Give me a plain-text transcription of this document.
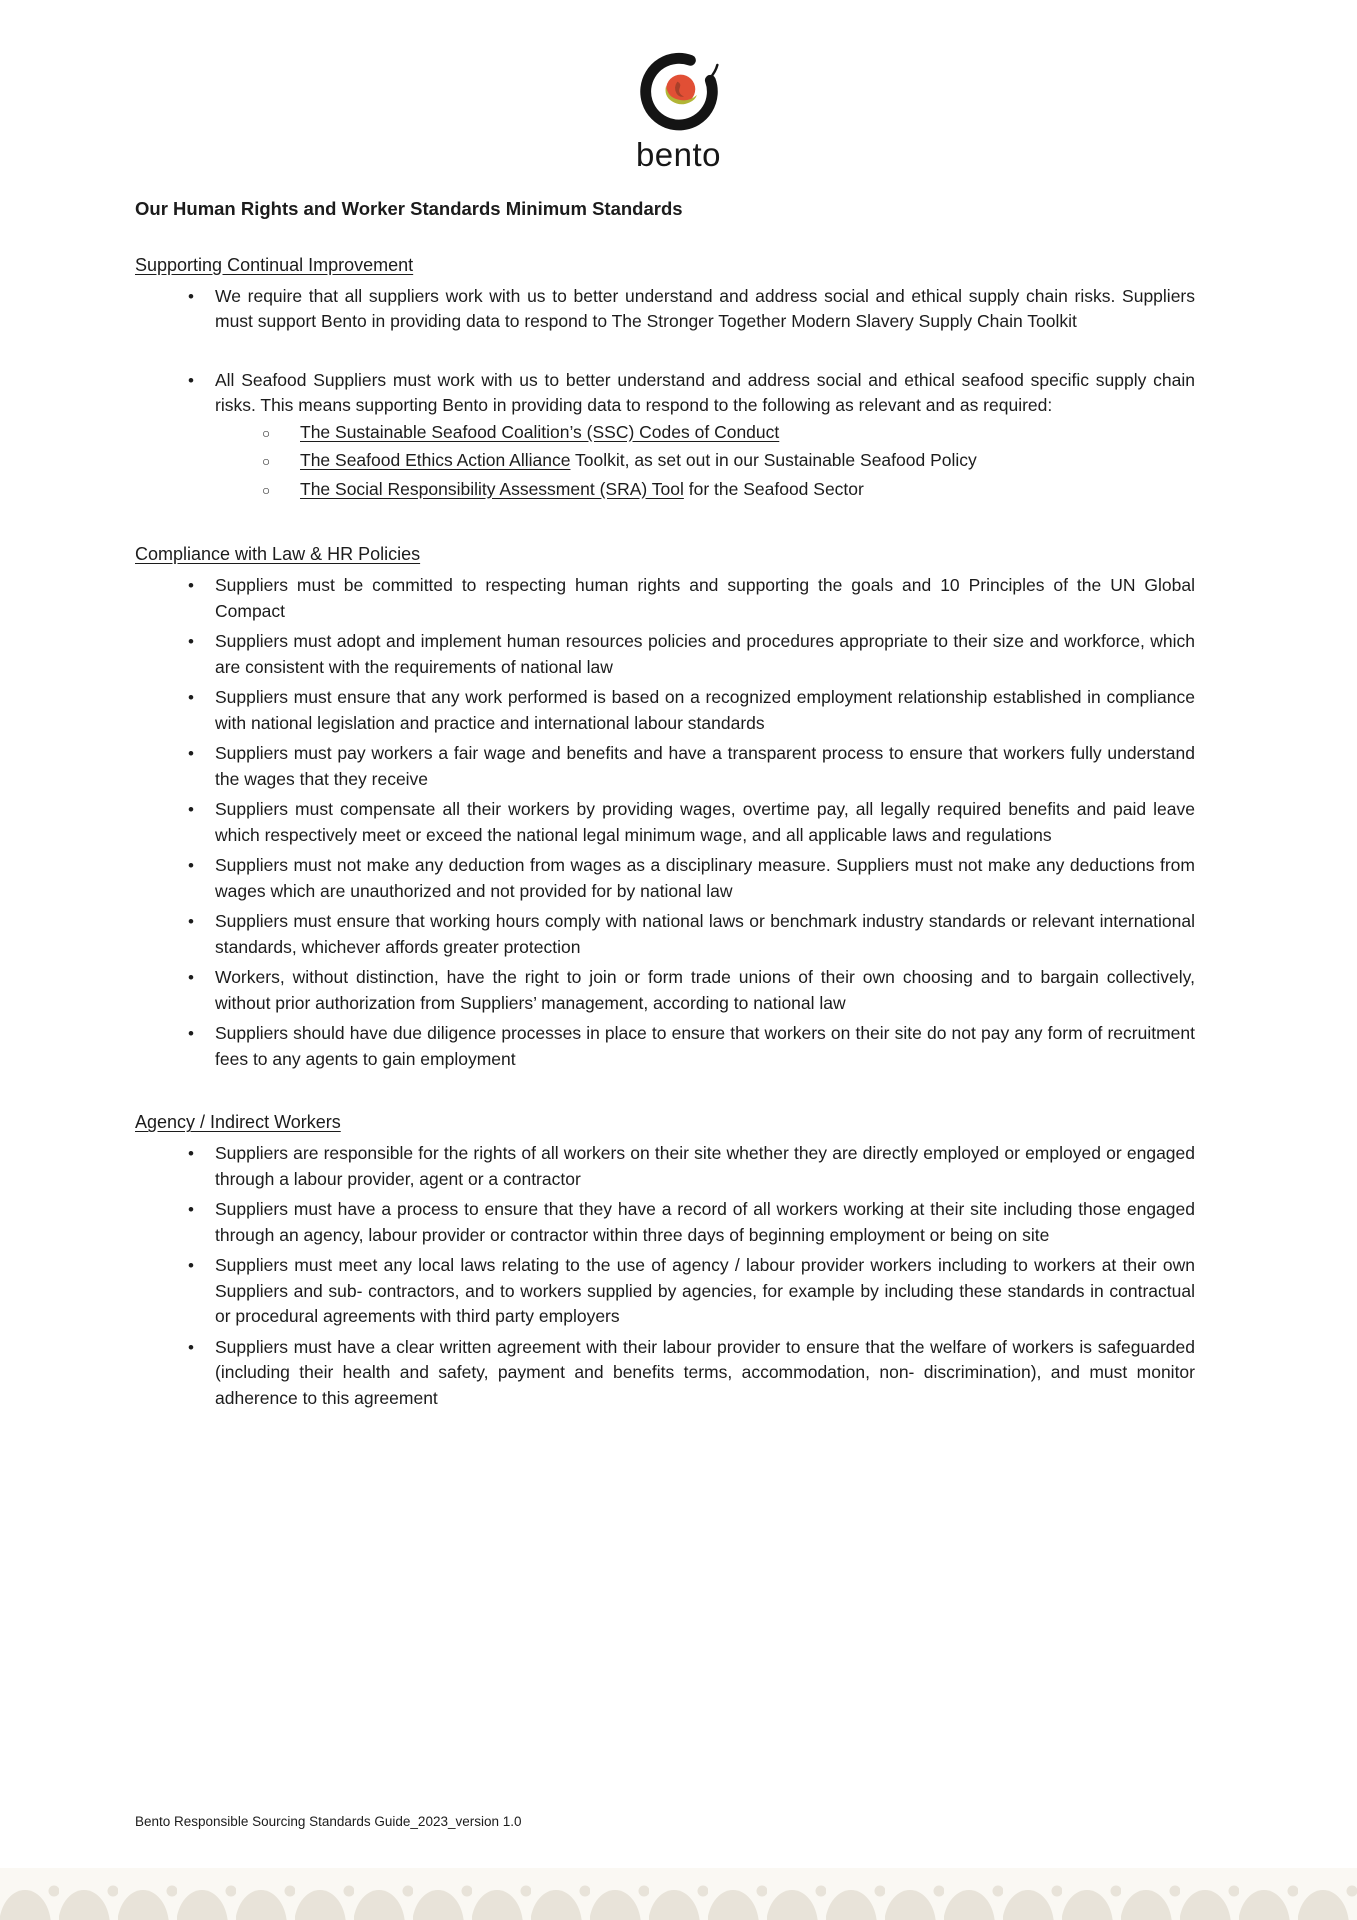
bento
Our Human Rights and Worker Standards Minimum Standards
Supporting Continual Improvement
•	We require that all suppliers work with us to better understand and address social and ethical supply chain risks. Suppliers must support Bento in providing data to respond to The Stronger Together Modern Slavery Supply Chain Toolkit

•	All Seafood Suppliers must work with us to better understand and address social and ethical seafood specific supply chain risks. This means supporting Bento in providing data to respond to the following as relevant and as required:

○	The Sustainable Seafood Coalition’s (SSC) Codes of Conduct

○	The Seafood Ethics Action Alliance Toolkit, as set out in our Sustainable Seafood Policy

○	The Social Responsibility Assessment (SRA) Tool for the Seafood Sector

Compliance with Law & HR Policies
•	Suppliers must be committed to respecting human rights and supporting the goals and 10 Principles of the UN Global Compact

•	Suppliers must adopt and implement human resources policies and procedures appropriate to their size and workforce, which are consistent with the requirements of national law

•	Suppliers must ensure that any work performed is based on a recognized employment relationship established in compliance with national legislation and practice and international labour standards

•	Suppliers must pay workers a fair wage and benefits and have a transparent process to ensure that workers fully understand the wages that they receive

•	Suppliers must compensate all their workers by providing wages, overtime pay, all legally required benefits and paid leave which respectively meet or exceed the national legal minimum wage, and all applicable laws and regulations

•	Suppliers must not make any deduction from wages as a disciplinary measure. Suppliers must not make any deductions from wages which are unauthorized and not provided for by national law

•	Suppliers must ensure that working hours comply with national laws or benchmark industry standards or relevant international standards, whichever affords greater protection

•	Workers, without distinction, have the right to join or form trade unions of their own choosing and to bargain collectively, without prior authorization from Suppliers’ management, according to national law

•	Suppliers should have due diligence processes in place to ensure that workers on their site do not pay any form of recruitment fees to any agents to gain employment

Agency / Indirect Workers
•	Suppliers are responsible for the rights of all workers on their site whether they are directly employed or employed or engaged through a labour provider, agent or a contractor

•	Suppliers must have a process to ensure that they have a record of all workers working at their site including those engaged through an agency, labour provider or contractor within three days of beginning employment or being on site

•	Suppliers must meet any local laws relating to the use of agency / labour provider workers including to workers at their own Suppliers and sub- contractors, and to workers supplied by agencies, for example by including these standards in contractual or procedural agreements with third party employers

•	Suppliers must have a clear written agreement with their labour provider to ensure that the welfare of workers is safeguarded (including their health and safety, payment and benefits terms, accommodation, non- discrimination), and must monitor adherence to this agreement

Bento Responsible Sourcing Standards Guide_2023_version 1.0
